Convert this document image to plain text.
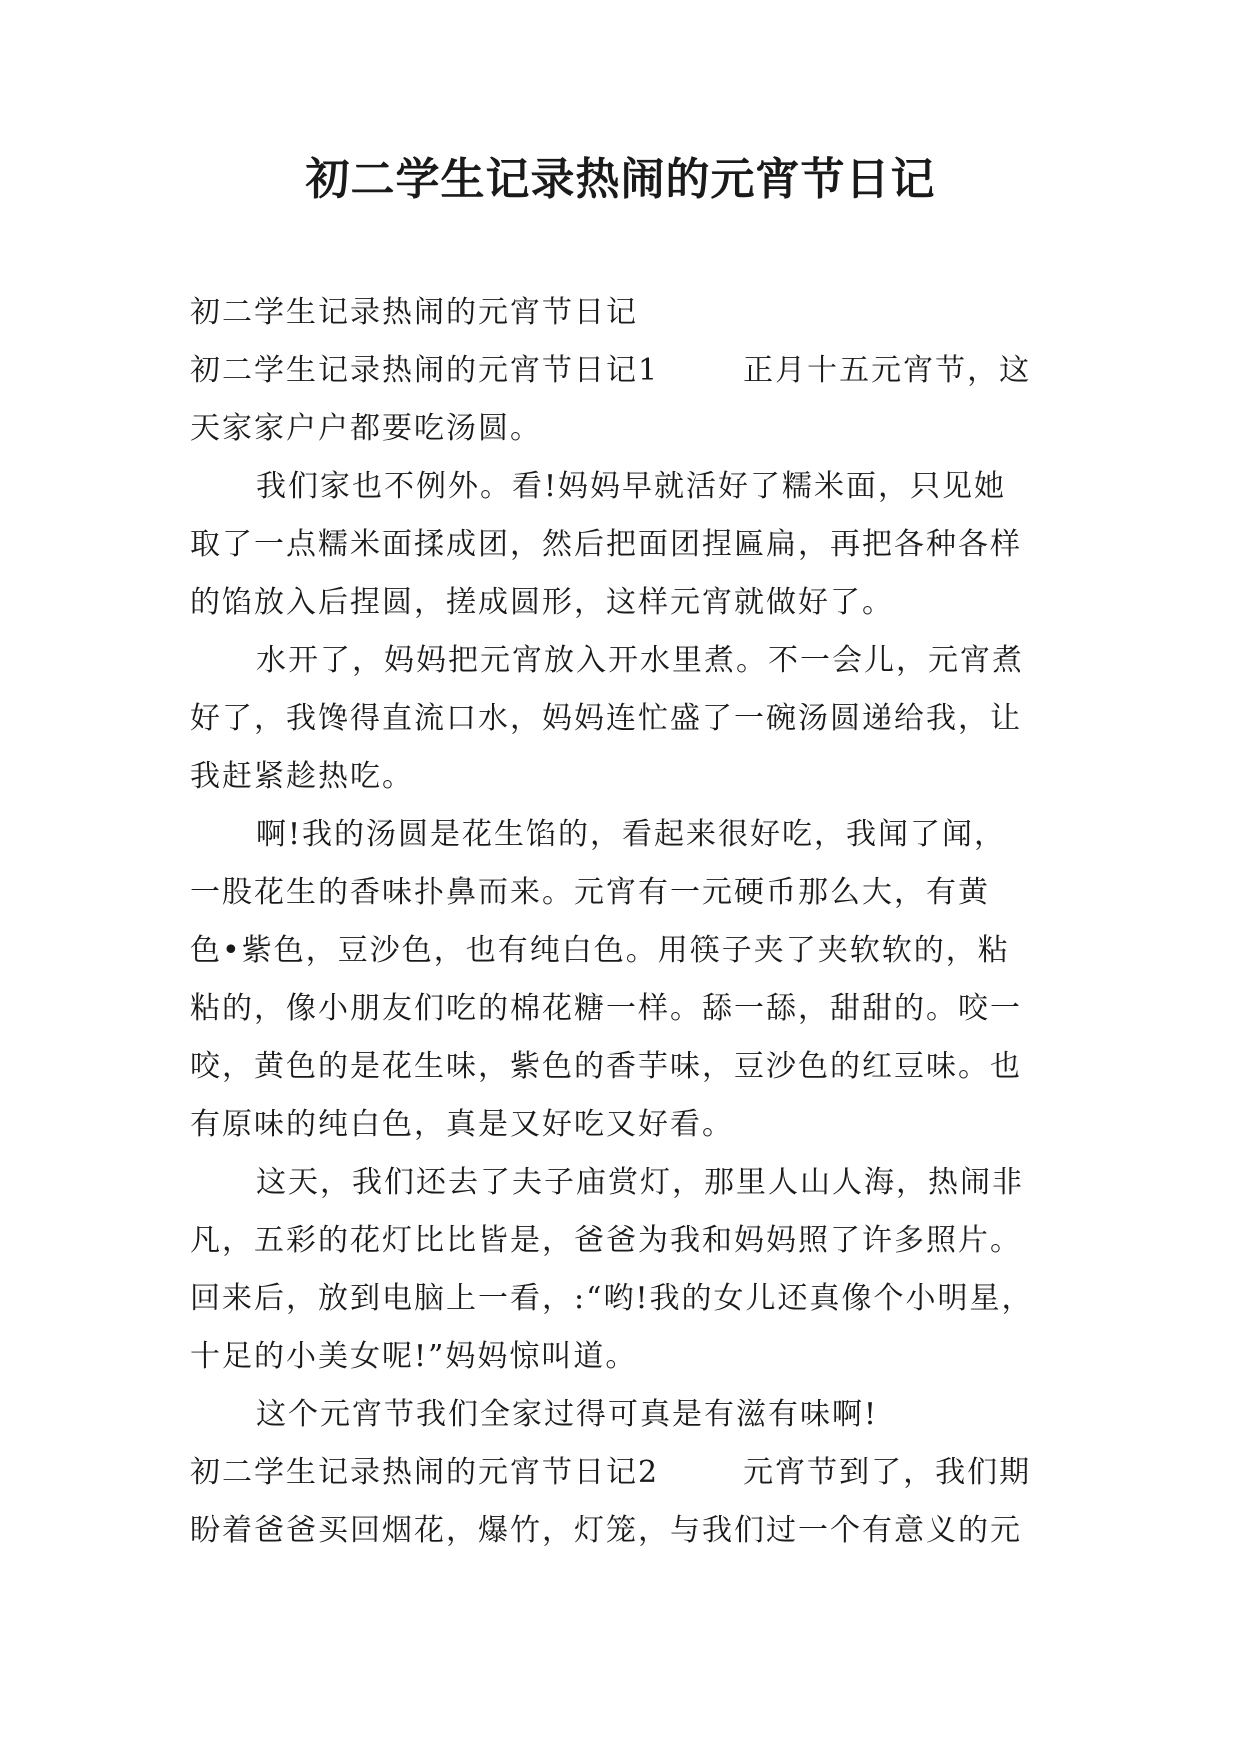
初二学生记录热闹的元宵节日记
初二学生记录热闹的元宵节日记
初二学生记录热闹的元宵节日记1	正月十五元宵节，这
天家家户户都要吃汤圆。
我们家也不例外。看!妈妈早就活好了糯米面，只见她
取了一点糯米面揉成团，然后把面团捏匾扁，再把各种各样
的馅放入后捏圆，搓成圆形，这样元宵就做好了。
水开了，妈妈把元宵放入开水里煮。不一会儿，元宵煮
好了，我馋得直流口水，妈妈连忙盛了一碗汤圆递给我，让
我赶紧趁热吃。
啊!我的汤圆是花生馅的，看起来很好吃，我闻了闻，
一股花生的香味扑鼻而来。元宵有一元硬币那么大，有黄
色•紫色，豆沙色，也有纯白色。用筷子夹了夹软软的，粘
粘的，像小朋友们吃的棉花糖一样。舔一舔，甜甜的。咬一
咬，黄色的是花生味，紫色的香芋味，豆沙色的红豆味。也
有原味的纯白色，真是又好吃又好看。
这天，我们还去了夫子庙赏灯，那里人山人海，热闹非
凡，五彩的花灯比比皆是，爸爸为我和妈妈照了许多照片。
回来后，放到电脑上一看，:“哟!我的女儿还真像个小明星，
十足的小美女呢!”妈妈惊叫道。
这个元宵节我们全家过得可真是有滋有味啊!
初二学生记录热闹的元宵节日记2	元宵节到了，我们期
盼着爸爸买回烟花，爆竹，灯笼，与我们过一个有意义的元
